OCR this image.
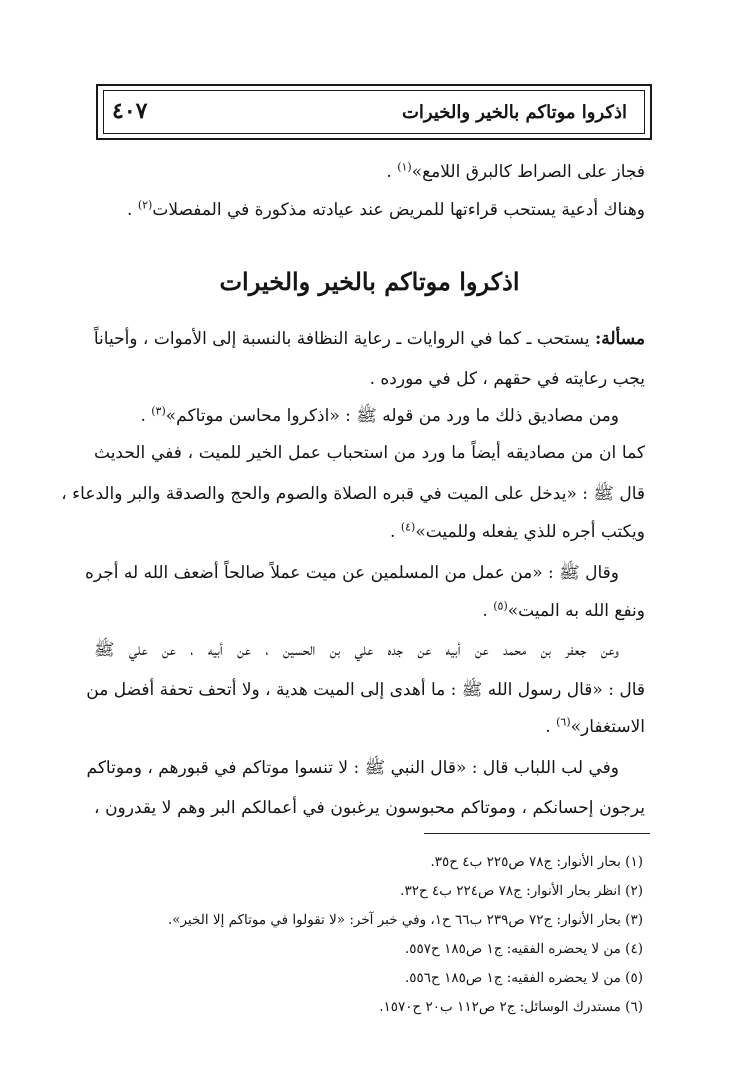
اذكروا موتاكم بالخير والخيرات
٤٠٧
فجاز على الصراط كالبرق اللامع»$^{(١)}$ .
وهناك أدعية يستحب قراءتها للمريض عند عيادته مذكورة في المفصلات$^{(٢)}$ .
اذكروا موتاكم بالخير والخيرات
مسألة: يستحب ـ كما في الروايات ـ رعاية النظافة بالنسبة إلى الأموات ، وأحياناً
يجب رعايته في حقهم ، كل في مورده .
ومن مصاديق ذلك ما ورد من قوله ﷺ : «اذكروا محاسن موتاكم»$^{(٣)}$ .
كما ان من مصاديقه أيضاً ما ورد من استحباب عمل الخير للميت ، ففي الحديث
قال ﷺ : «يدخل على الميت في قبره الصلاة والصوم والحج والصدقة والبر والدعاء ،
ويكتب أجره للذي يفعله وللميت»$^{(٤)}$ .
وقال ﷺ : «من عمل من المسلمين عن ميت عملاً صالحاً أضعف الله له أجره
ونفع الله به الميت»$^{(٥)}$ .
وعن جعفر بن محمد عن أبيه عن جده علي بن الحسين ، عن أبيه ، عن علي ﷺ
قال : «قال رسول الله ﷺ : ما أهدى إلى الميت هدية ، ولا أتحف تحفة أفضل من
الاستغفار»$^{(٦)}$ .
وفي لب اللباب قال : «قال النبي ﷺ : لا تنسوا موتاكم في قبورهم ، وموتاكم
يرجون إحسانكم ، وموتاكم محبوسون يرغبون في أعمالكم البر وهم لا يقدرون ،
(١) بحار الأنوار: ج٧٨ ص٢٢٥ ب٤ ح٣٥.
(٢) انظر بحار الأنوار: ج٧٨ ص٢٢٤ ب٤ ح٣٢.
(٣) بحار الأنوار: ج٧٢ ص٢٣٩ ب٦٦ ح١، وفي خبر آخر: «لا تقولوا في موتاكم إلا الخير».
(٤) من لا يحضره الفقيه: ج١ ص١٨٥ ح٥٥٧.
(٥) من لا يحضره الفقيه: ج١ ص١٨٥ ح٥٥٦.
(٦) مستدرك الوسائل: ج٢ ص١١٢ ب٢٠ ح١٥٧٠.
